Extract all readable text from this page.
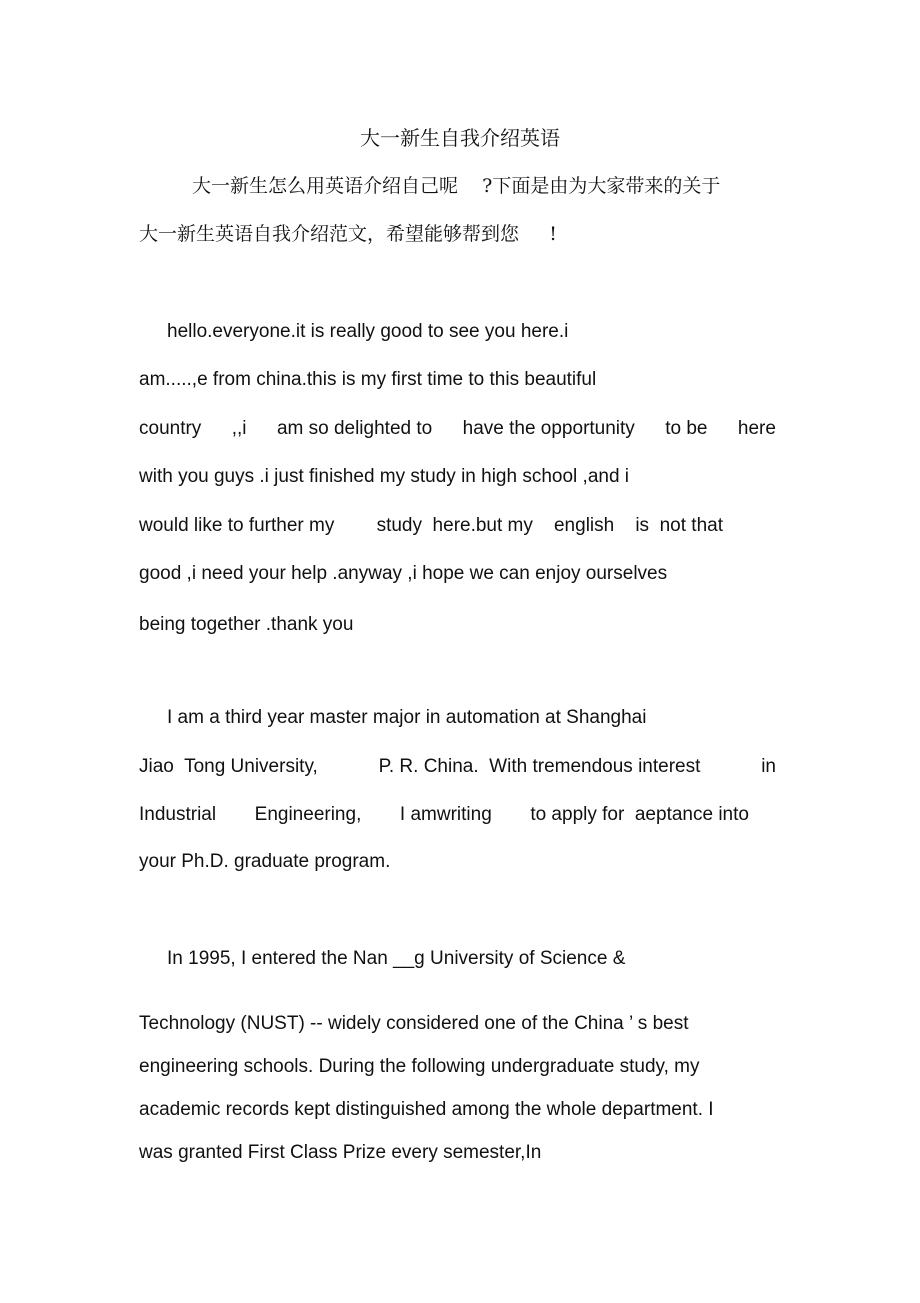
大一新生自我介绍英语
大一新生怎么用英语介绍自己呢    ?下面是由为大家带来的关于
大一新生英语自我介绍范文，希望能够帮到您     !
hello.everyone.it is really good to see you here.i
am.....,e from china.this is my first time to this beautiful
country ,,i am so delighted to have the opportunity to be here
with you guys .i just finished my study in high school ,and i
would like to further my        study  here.but my    english    is  not that
good ,i need your help .anyway ,i hope we can enjoy ourselves
being together .thank you
I am a third year master major in automation at Shanghai
Jiao  Tong University,	P. R. China.  With tremendous interest	in
Industrial Engineering, I amwriting to apply for  aeptance into
your Ph.D. graduate program.
In 1995, I entered the Nan __g University of Science &
Technology (NUST) -- widely considered one of the China ’ s best
engineering schools. During the following undergraduate study, my
academic records kept distinguished among the whole department. I
was granted First Class Prize every semester,In
